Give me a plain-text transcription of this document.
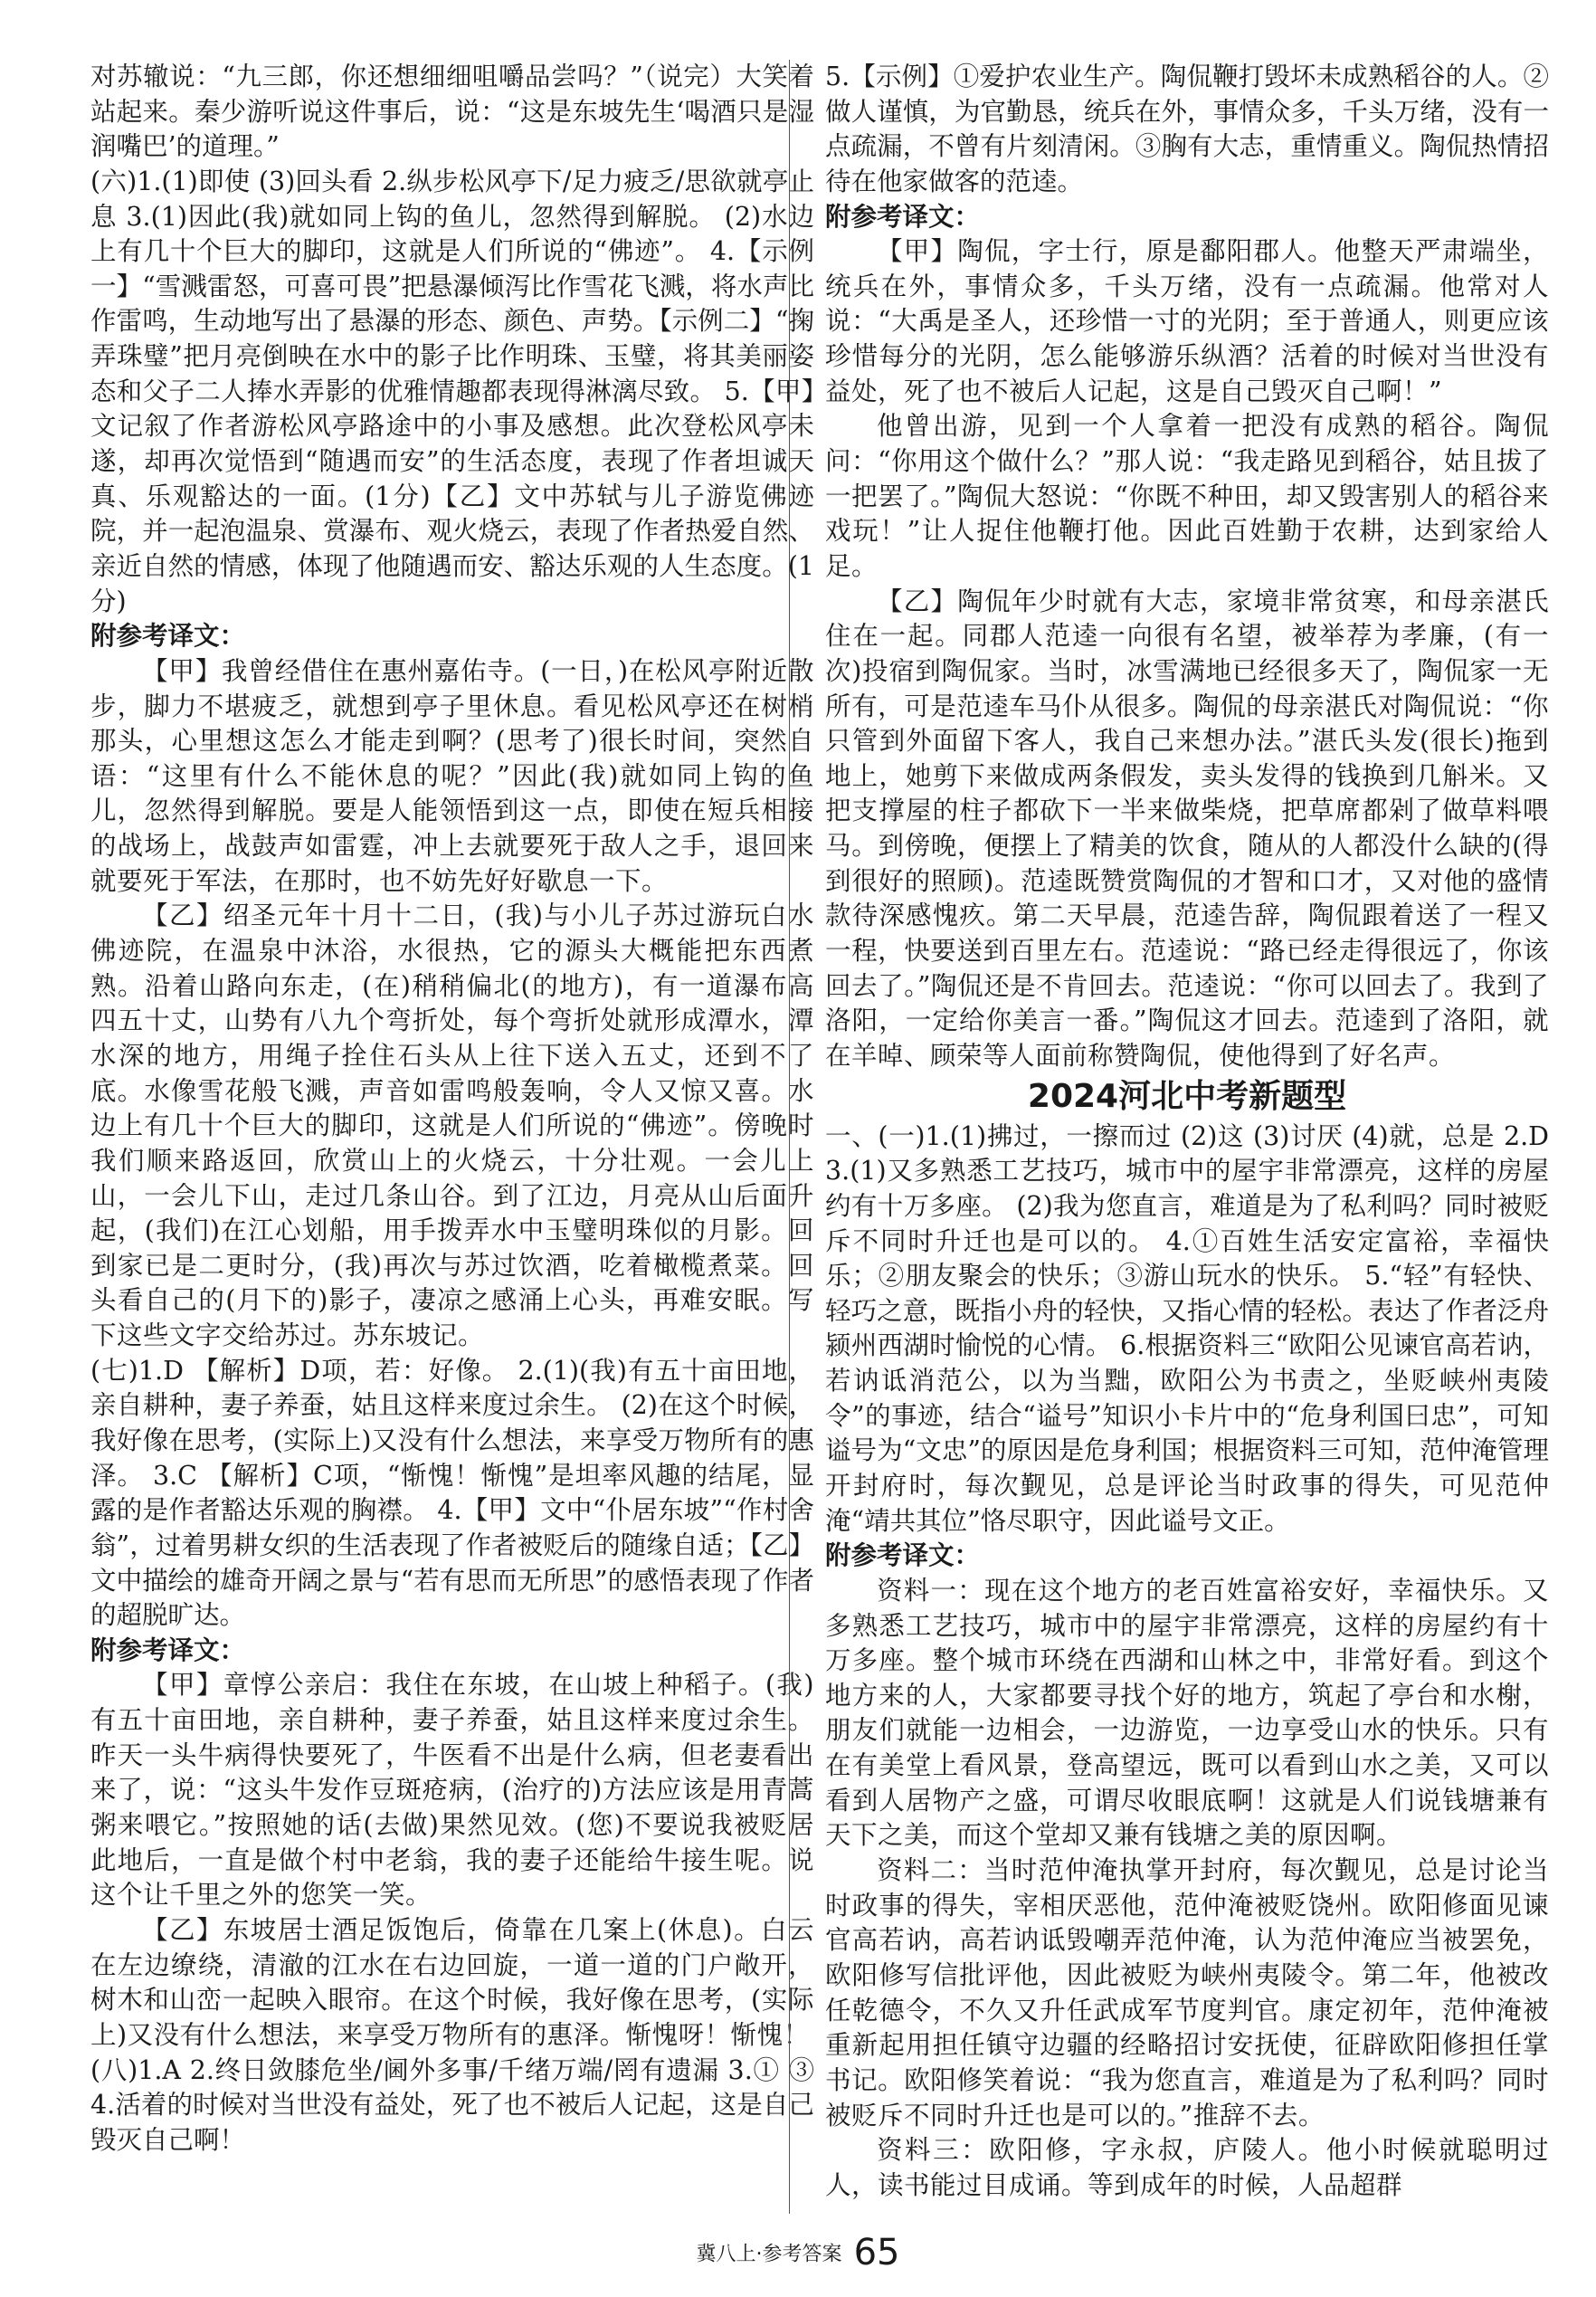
对苏辙说：“九三郎，你还想细细咀嚼品尝吗？”（说完）大笑着站起来。秦少游听说这件事后，说：“这是东坡先生‘喝酒只是湿润嘴巴’的道理。”

(六)1.(1)即使 (3)回头看 2.纵步松风亭下/足力疲乏/思欲就亭止息 3.(1)因此(我)就如同上钩的鱼儿，忽然得到解脱。 (2)水边上有几十个巨大的脚印，这就是人们所说的“佛迹”。 4.【示例一】“雪溅雷怒，可喜可畏”把悬瀑倾泻比作雪花飞溅，将水声比作雷鸣，生动地写出了悬瀑的形态、颜色、声势。【示例二】“掬弄珠璧”把月亮倒映在水中的影子比作明珠、玉璧，将其美丽姿态和父子二人捧水弄影的优雅情趣都表现得淋漓尽致。 5.【甲】文记叙了作者游松风亭路途中的小事及感想。此次登松风亭未遂，却再次觉悟到“随遇而安”的生活态度，表现了作者坦诚天真、乐观豁达的一面。(1分)【乙】文中苏轼与儿子游览佛迹院，并一起泡温泉、赏瀑布、观火烧云，表现了作者热爱自然、亲近自然的情感，体现了他随遇而安、豁达乐观的人生态度。(1分)

附参考译文：

【甲】我曾经借住在惠州嘉佑寺。(一日，)在松风亭附近散步，脚力不堪疲乏，就想到亭子里休息。看见松风亭还在树梢那头，心里想这怎么才能走到啊？(思考了)很长时间，突然自语：“这里有什么不能休息的呢？”因此(我)就如同上钩的鱼儿，忽然得到解脱。要是人能领悟到这一点，即使在短兵相接的战场上，战鼓声如雷霆，冲上去就要死于敌人之手，退回来就要死于军法，在那时，也不妨先好好歇息一下。

【乙】绍圣元年十月十二日，(我)与小儿子苏过游玩白水佛迹院，在温泉中沐浴，水很热，它的源头大概能把东西煮熟。沿着山路向东走，(在)稍稍偏北(的地方)，有一道瀑布高四五十丈，山势有八九个弯折处，每个弯折处就形成潭水，潭水深的地方，用绳子拴住石头从上往下送入五丈，还到不了底。水像雪花般飞溅，声音如雷鸣般轰响，令人又惊又喜。水边上有几十个巨大的脚印，这就是人们所说的“佛迹”。傍晚时我们顺来路返回，欣赏山上的火烧云，十分壮观。一会儿上山，一会儿下山，走过几条山谷。到了江边，月亮从山后面升起，(我们)在江心划船，用手拨弄水中玉璧明珠似的月影。回到家已是二更时分，(我)再次与苏过饮酒，吃着橄榄煮菜。回头看自己的(月下的)影子，凄凉之感涌上心头，再难安眠。写下这些文字交给苏过。苏东坡记。

(七)1.D 【解析】D项，若：好像。 2.(1)(我)有五十亩田地，亲自耕种，妻子养蚕，姑且这样来度过余生。 (2)在这个时候，我好像在思考，(实际上)又没有什么想法，来享受万物所有的惠泽。 3.C 【解析】C项，“惭愧！惭愧”是坦率风趣的结尾，显露的是作者豁达乐观的胸襟。 4.【甲】文中“仆居东坡”“作村舍翁”，过着男耕女织的生活表现了作者被贬后的随缘自适；【乙】文中描绘的雄奇开阔之景与“若有思而无所思”的感悟表现了作者的超脱旷达。

附参考译文：

【甲】章惇公亲启：我住在东坡，在山坡上种稻子。(我)有五十亩田地，亲自耕种，妻子养蚕，姑且这样来度过余生。昨天一头牛病得快要死了，牛医看不出是什么病，但老妻看出来了，说：“这头牛发作豆斑疮病，(治疗的)方法应该是用青蒿粥来喂它。”按照她的话(去做)果然见效。(您)不要说我被贬居此地后，一直是做个村中老翁，我的妻子还能给牛接生呢。说这个让千里之外的您笑一笑。

【乙】东坡居士酒足饭饱后，倚靠在几案上(休息)。白云在左边缭绕，清澈的江水在右边回旋，一道一道的门户敞开，树木和山峦一起映入眼帘。在这个时候，我好像在思考，(实际上)又没有什么想法，来享受万物所有的惠泽。惭愧呀！惭愧！

(八)1.A 2.终日敛膝危坐/阃外多事/千绪万端/罔有遗漏 3.① ③ 4.活着的时候对当世没有益处，死了也不被后人记起，这是自己毁灭自己啊！

5.【示例】①爱护农业生产。陶侃鞭打毁坏未成熟稻谷的人。②做人谨慎，为官勤恳，统兵在外，事情众多，千头万绪，没有一点疏漏，不曾有片刻清闲。③胸有大志，重情重义。陶侃热情招待在他家做客的范逵。

附参考译文：

【甲】陶侃，字士行，原是鄱阳郡人。他整天严肃端坐，统兵在外，事情众多，千头万绪，没有一点疏漏。他常对人说：“大禹是圣人，还珍惜一寸的光阴；至于普通人，则更应该珍惜每分的光阴，怎么能够游乐纵酒？活着的时候对当世没有益处，死了也不被后人记起，这是自己毁灭自己啊！”

他曾出游，见到一个人拿着一把没有成熟的稻谷。陶侃问：“你用这个做什么？”那人说：“我走路见到稻谷，姑且拔了一把罢了。”陶侃大怒说：“你既不种田，却又毁害别人的稻谷来戏玩！”让人捉住他鞭打他。因此百姓勤于农耕，达到家给人足。

【乙】陶侃年少时就有大志，家境非常贫寒，和母亲湛氏住在一起。同郡人范逵一向很有名望，被举荐为孝廉，(有一次)投宿到陶侃家。当时，冰雪满地已经很多天了，陶侃家一无所有，可是范逵车马仆从很多。陶侃的母亲湛氏对陶侃说：“你只管到外面留下客人，我自己来想办法。”湛氏头发(很长)拖到地上，她剪下来做成两条假发，卖头发得的钱换到几斛米。又把支撑屋的柱子都砍下一半来做柴烧，把草席都剁了做草料喂马。到傍晚，便摆上了精美的饮食，随从的人都没什么缺的(得到很好的照顾)。范逵既赞赏陶侃的才智和口才，又对他的盛情款待深感愧疚。第二天早晨，范逵告辞，陶侃跟着送了一程又一程，快要送到百里左右。范逵说：“路已经走得很远了，你该回去了。”陶侃还是不肯回去。范逵说：“你可以回去了。我到了洛阳，一定给你美言一番。”陶侃这才回去。范逵到了洛阳，就在羊晫、顾荣等人面前称赞陶侃，使他得到了好名声。

2024河北中考新题型

一、(一)1.(1)拂过，一擦而过 (2)这 (3)讨厌 (4)就，总是 2.D 3.(1)又多熟悉工艺技巧，城市中的屋宇非常漂亮，这样的房屋约有十万多座。 (2)我为您直言，难道是为了私利吗？同时被贬斥不同时升迁也是可以的。 4.①百姓生活安定富裕，幸福快乐；②朋友聚会的快乐；③游山玩水的快乐。 5.“轻”有轻快、轻巧之意，既指小舟的轻快，又指心情的轻松。表达了作者泛舟颍州西湖时愉悦的心情。 6.根据资料三“欧阳公见谏官高若讷，若讷诋消范公，以为当黜，欧阳公为书责之，坐贬峡州夷陵令”的事迹，结合“谥号”知识小卡片中的“危身利国曰忠”，可知谥号为“文忠”的原因是危身利国；根据资料三可知，范仲淹管理开封府时，每次觐见，总是评论当时政事的得失，可见范仲淹“靖共其位”恪尽职守，因此谥号文正。

附参考译文：

资料一：现在这个地方的老百姓富裕安好，幸福快乐。又多熟悉工艺技巧，城市中的屋宇非常漂亮，这样的房屋约有十万多座。整个城市环绕在西湖和山林之中，非常好看。到这个地方来的人，大家都要寻找个好的地方，筑起了亭台和水榭，朋友们就能一边相会，一边游览，一边享受山水的快乐。只有在有美堂上看风景，登高望远，既可以看到山水之美，又可以看到人居物产之盛，可谓尽收眼底啊！这就是人们说钱塘兼有天下之美，而这个堂却又兼有钱塘之美的原因啊。

资料二：当时范仲淹执掌开封府，每次觐见，总是讨论当时政事的得失，宰相厌恶他，范仲淹被贬饶州。欧阳修面见谏官高若讷，高若讷诋毁嘲弄范仲淹，认为范仲淹应当被罢免，欧阳修写信批评他，因此被贬为峡州夷陵令。第二年，他被改任乾德令，不久又升任武成军节度判官。康定初年，范仲淹被重新起用担任镇守边疆的经略招讨安抚使，征辟欧阳修担任掌书记。欧阳修笑着说：“我为您直言，难道是为了私利吗？同时被贬斥不同时升迁也是可以的。”推辞不去。

资料三：欧阳修，字永叔，庐陵人。他小时候就聪明过人，读书能过目成诵。等到成年的时候，人品超群

冀八上·参考答案 65
